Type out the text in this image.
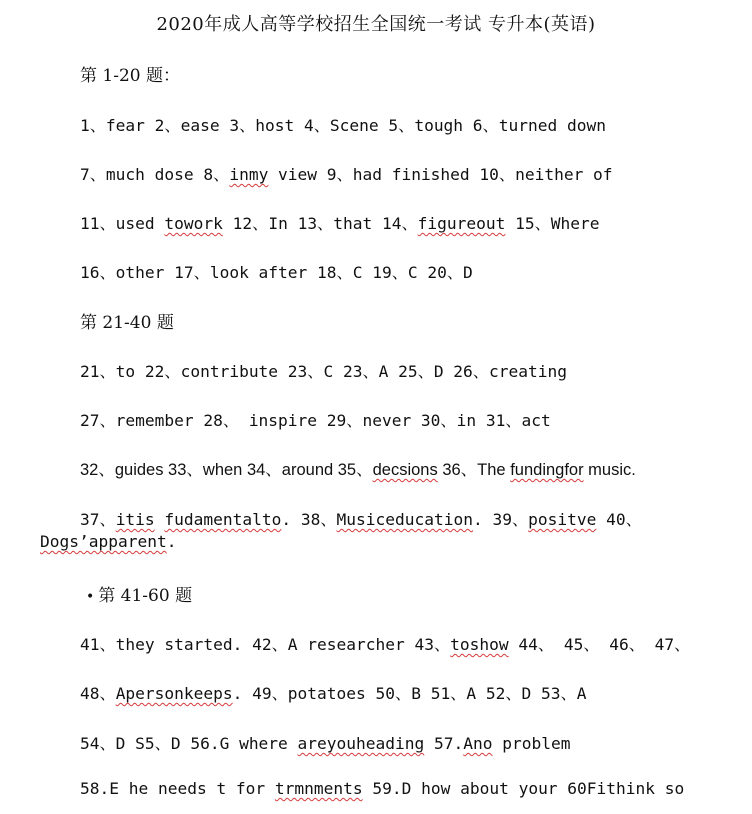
2020年成人高等学校招生全国统一考试 专升本(英语)
第 1-20 题：
1、fear 2、ease 3、host 4、Scene 5、tough 6、turned down
7、much dose 8、inmy view 9、had finished 10、neither of
11、used towork 12、In 13、that 14、figureout 15、Where
16、other 17、look after 18、C 19、C 20、D
第 21-40 题
21、to 22、contribute 23、C 23、A 25、D 26、creating
27、remember 28、 inspire 29、never 30、in 31、act
32、guides 33、when 34、around 35、decsions 36、The fundingfor music.
37、itis fudamentalto. 38、Musiceducation. 39、positve 40、
Dogs’apparent.
• 第 41-60 题
41、they started. 42、A researcher 43、toshow 44、 45、 46、 47、
48、Apersonkeeps. 49、potatoes 50、B 51、A 52、D 53、A
54、D S5、D 56.G where areyouheading 57.Ano problem
58.E he needs t for trmnments 59.D how about your 60Fithink so
